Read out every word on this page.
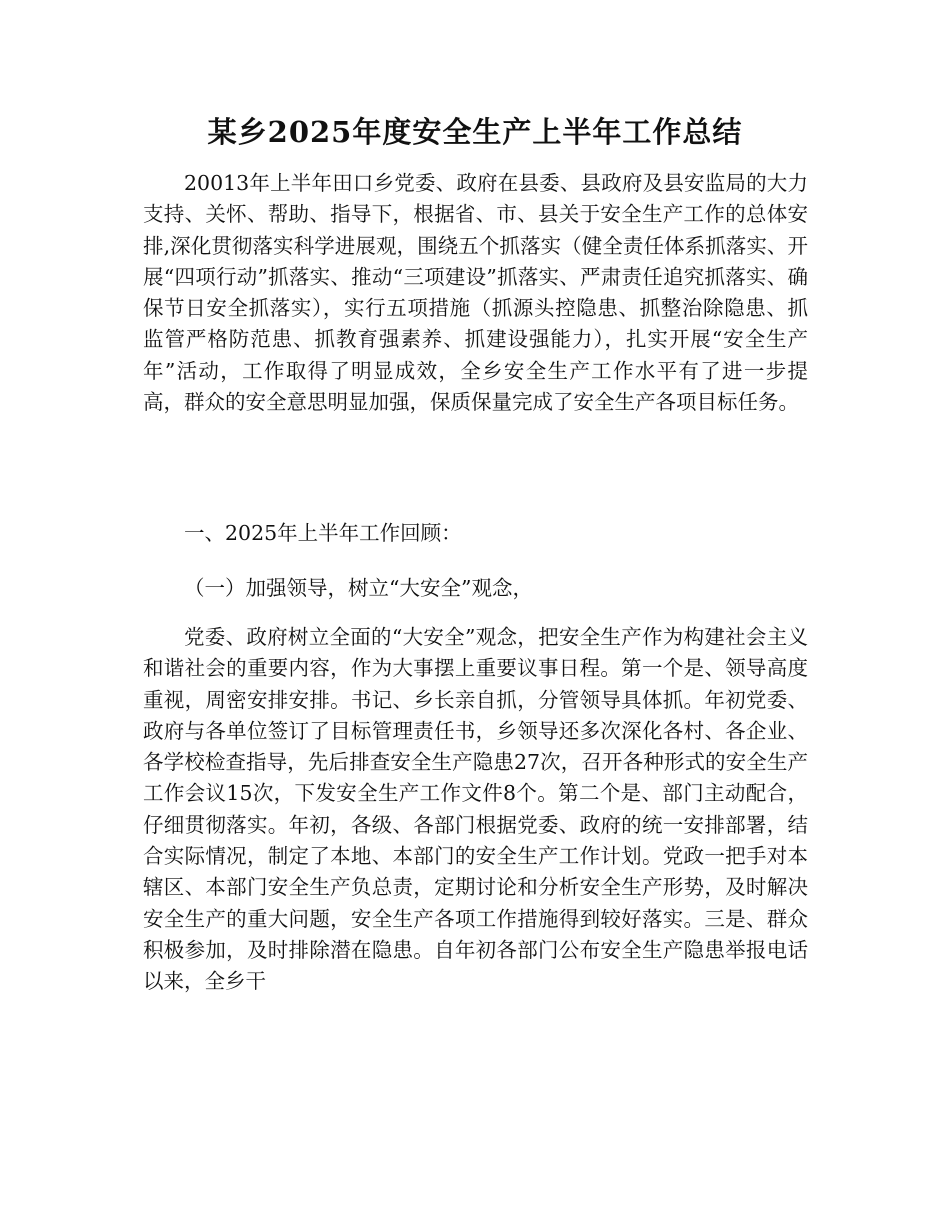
某乡2025年度安全生产上半年工作总结

20013年上半年田口乡党委、政府在县委、县政府及县安监局的大力支持、关怀、帮助、指导下，根据省、市、县关于安全生产工作的总体安排,深化贯彻落实科学进展观，围绕五个抓落实（健全责任体系抓落实、开展“四项行动”抓落实、推动“三项建设”抓落实、严肃责任追究抓落实、确保节日安全抓落实），实行五项措施（抓源头控隐患、抓整治除隐患、抓监管严格防范患、抓教育强素养、抓建设强能力），扎实开展“安全生产年”活动，工作取得了明显成效，全乡安全生产工作水平有了进一步提高，群众的安全意思明显加强，保质保量完成了安全生产各项目标任务。

一、2025年上半年工作回顾：

（一）加强领导，树立“大安全”观念，

党委、政府树立全面的“大安全”观念，把安全生产作为构建社会主义和谐社会的重要内容，作为大事摆上重要议事日程。第一个是、领导高度重视，周密安排安排。书记、乡长亲自抓，分管领导具体抓。年初党委、政府与各单位签订了目标管理责任书，乡领导还多次深化各村、各企业、各学校检查指导，先后排查安全生产隐患27次，召开各种形式的安全生产工作会议15次，下发安全生产工作文件8个。第二个是、部门主动配合，仔细贯彻落实。年初，各级、各部门根据党委、政府的统一安排部署，结合实际情况，制定了本地、本部门的安全生产工作计划。党政一把手对本辖区、本部门安全生产负总责，定期讨论和分析安全生产形势，及时解决安全生产的重大问题，安全生产各项工作措施得到较好落实。三是、群众积极参加，及时排除潜在隐患。自年初各部门公布安全生产隐患举报电话以来，全乡干
